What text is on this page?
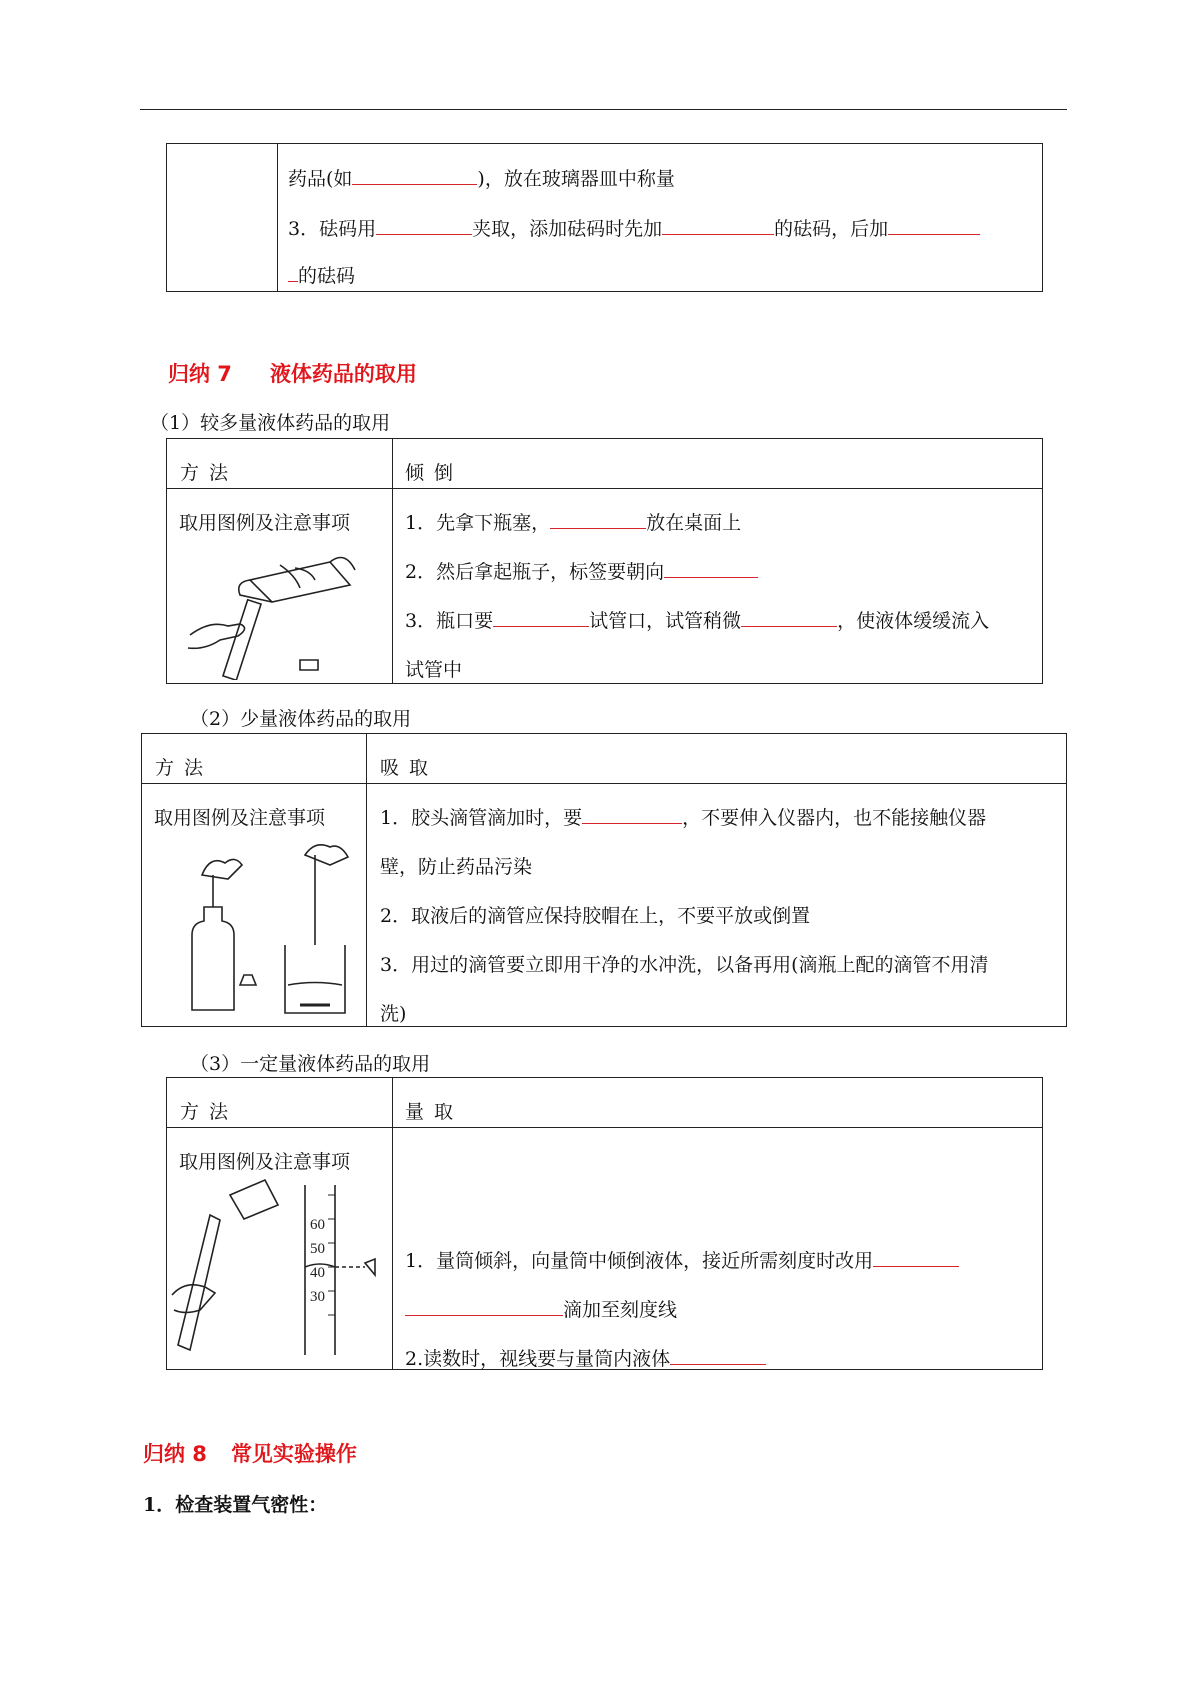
药品(如	)，放在玻璃器皿中称量
3．砝码用	夹取，添加砝码时先加	的砝码，后加
的砝码
归纳 7 液体药品的取用
（1）较多量液体药品的取用

方 法	倾 倒
取用图例及注意事项	1．先拿下瓶塞，	放在桌面上
2．然后拿起瓶子，标签要朝向
3．瓶口要	试管口，试管稍微	，使液体缓缓流入
试管中
（2）少量液体药品的取用

方 法	吸 取
取用图例及注意事项	1．胶头滴管滴加时，要	，不要伸入仪器内，也不能接触仪器
壁，防止药品污染
2．取液后的滴管应保持胶帽在上，不要平放或倒置
3．用过的滴管要立即用干净的水冲洗，以备再用(滴瓶上配的滴管不用清
洗)
（3）一定量液体药品的取用

方 法	量 取
取用图例及注意事项
1．量筒倾斜，向量筒中倾倒液体，接近所需刻度时改用
滴加至刻度线
2.读数时，视线要与量筒内液体
60
50
40
30
归纳 8 常见实验操作
1．检查装置气密性：
